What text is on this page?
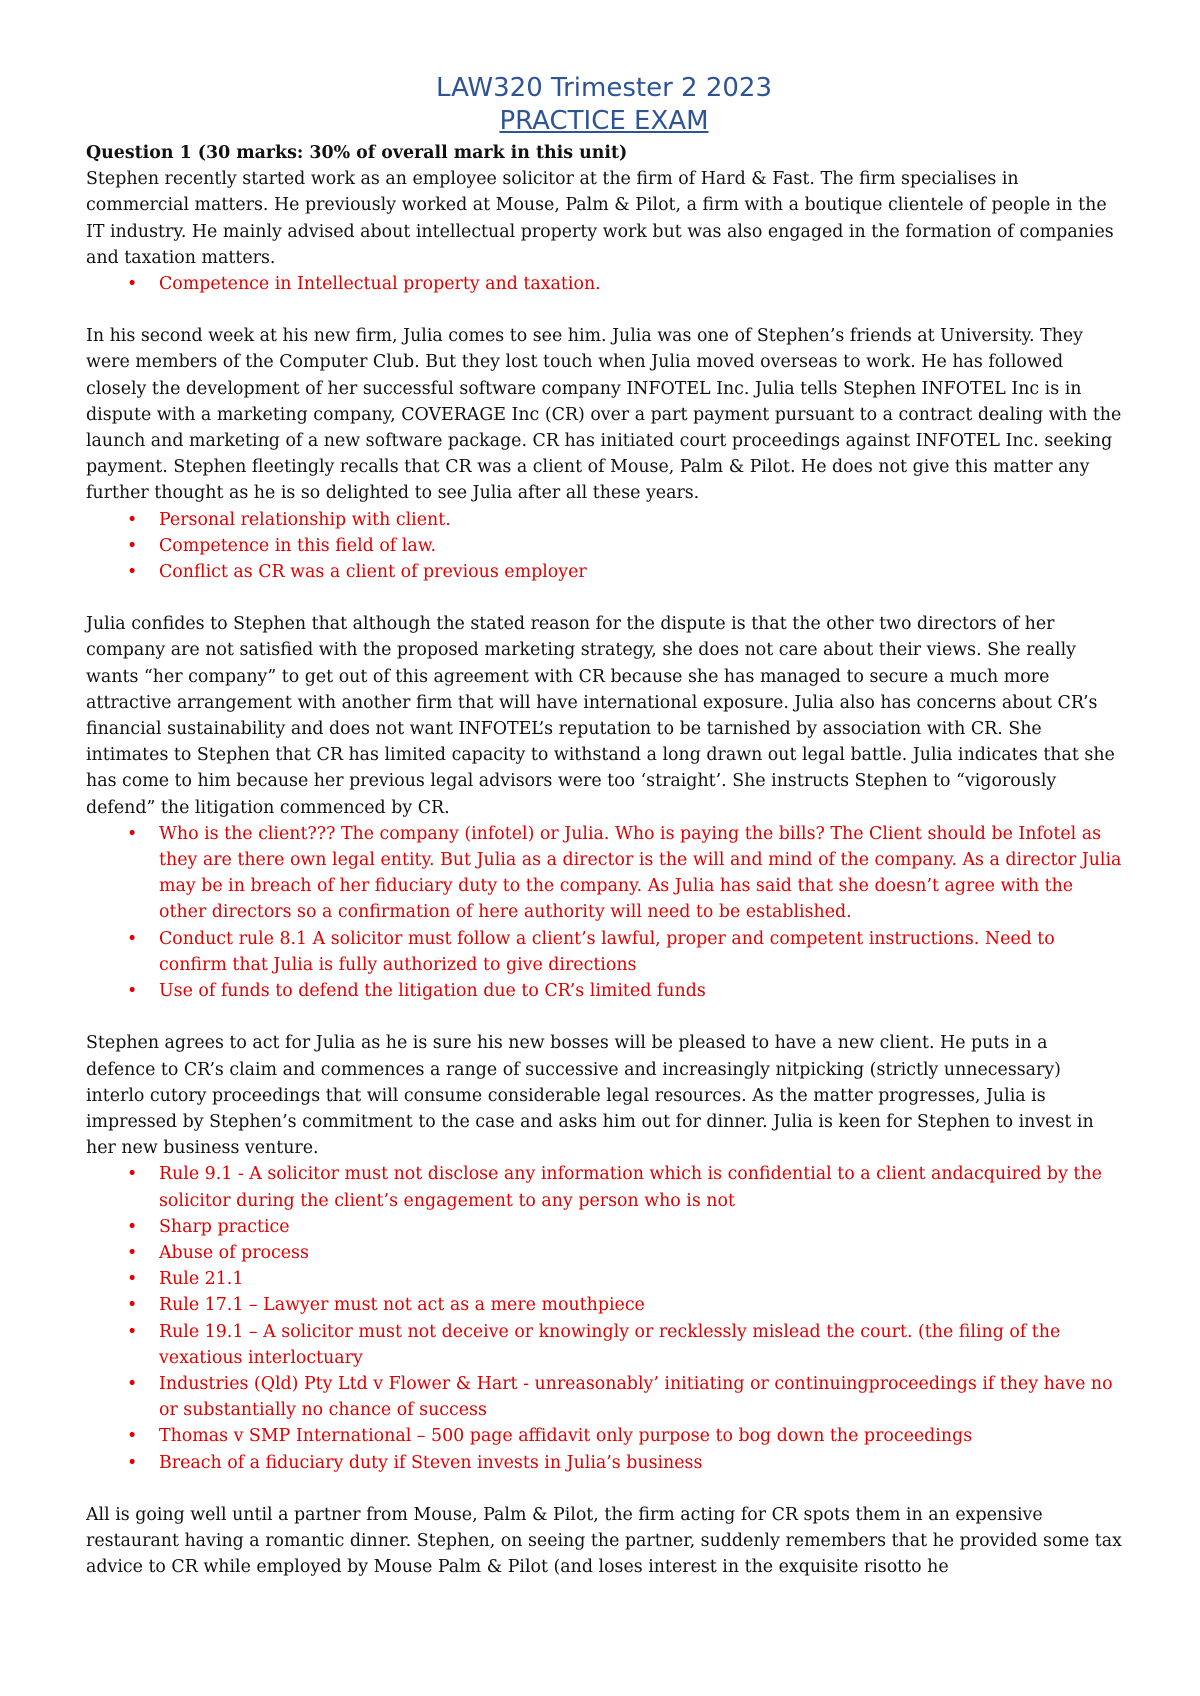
LAW320 Trimester 2 2023
PRACTICE EXAM

Question 1 (30 marks: 30% of overall mark in this unit)

Stephen recently started work as an employee solicitor at the firm of Hard & Fast. The firm specialises in commercial matters. He previously worked at Mouse, Palm & Pilot, a firm with a boutique clientele of people in the IT industry. He mainly advised about intellectual property work but was also engaged in the formation of companies and taxation matters.

• Competence in Intellectual property and taxation.

In his second week at his new firm, Julia comes to see him. Julia was one of Stephen’s friends at University. They were members of the Computer Club. But they lost touch when Julia moved overseas to work. He has followed closely the development of her successful software company INFOTEL Inc. Julia tells Stephen INFOTEL Inc is in dispute with a marketing company, COVERAGE Inc (CR) over a part payment pursuant to a contract dealing with the launch and marketing of a new software package. CR has initiated court proceedings against INFOTEL Inc. seeking payment. Stephen fleetingly recalls that CR was a client of Mouse, Palm & Pilot. He does not give this matter any further thought as he is so delighted to see Julia after all these years.

• Personal relationship with client.
• Competence in this field of law.
• Conflict as CR was a client of previous employer

Julia confides to Stephen that although the stated reason for the dispute is that the other two directors of her company are not satisfied with the proposed marketing strategy, she does not care about their views. She really wants “her company” to get out of this agreement with CR because she has managed to secure a much more attractive arrangement with another firm that will have international exposure. Julia also has concerns about CR’s financial sustainability and does not want INFOTEL’s reputation to be tarnished by association with CR. She intimates to Stephen that CR has limited capacity to withstand a long drawn out legal battle. Julia indicates that she has come to him because her previous legal advisors were too ‘straight’. She instructs Stephen to “vigorously defend” the litigation commenced by CR.

• Who is the client??? The company (infotel) or Julia. Who is paying the bills? The Client should be Infotel as they are there own legal entity. But Julia as a director is the will and mind of the company. As a director Julia may be in breach of her fiduciary duty to the company. As Julia has said that she doesn’t agree with the other directors so a confirmation of here authority will need to be established.
• Conduct rule 8.1 A solicitor must follow a client’s lawful, proper and competent instructions. Need to confirm that Julia is fully authorized to give directions
• Use of funds to defend the litigation due to CR’s limited funds

Stephen agrees to act for Julia as he is sure his new bosses will be pleased to have a new client. He puts in a defence to CR’s claim and commences a range of successive and increasingly nitpicking (strictly unnecessary) interlo cutory proceedings that will consume considerable legal resources. As the matter progresses, Julia is impressed by Stephen’s commitment to the case and asks him out for dinner. Julia is keen for Stephen to invest in her new business venture.

• Rule 9.1 - A solicitor must not disclose any information which is confidential to a client andacquired by the solicitor during the client’s engagement to any person who is not
• Sharp practice
• Abuse of process
• Rule 21.1
• Rule 17.1 – Lawyer must not act as a mere mouthpiece
• Rule 19.1 – A solicitor must not deceive or knowingly or recklessly mislead the court. (the filing of the vexatious interloctuary
• Industries (Qld) Pty Ltd v Flower & Hart - unreasonably’ initiating or continuingproceedings if they have no or substantially no chance of success
• Thomas v SMP International – 500 page affidavit only purpose to bog down the proceedings
• Breach of a fiduciary duty if Steven invests in Julia’s business

All is going well until a partner from Mouse, Palm & Pilot, the firm acting for CR spots them in an expensive restaurant having a romantic dinner. Stephen, on seeing the partner, suddenly remembers that he provided some tax advice to CR while employed by Mouse Palm & Pilot (and loses interest in the exquisite risotto he
